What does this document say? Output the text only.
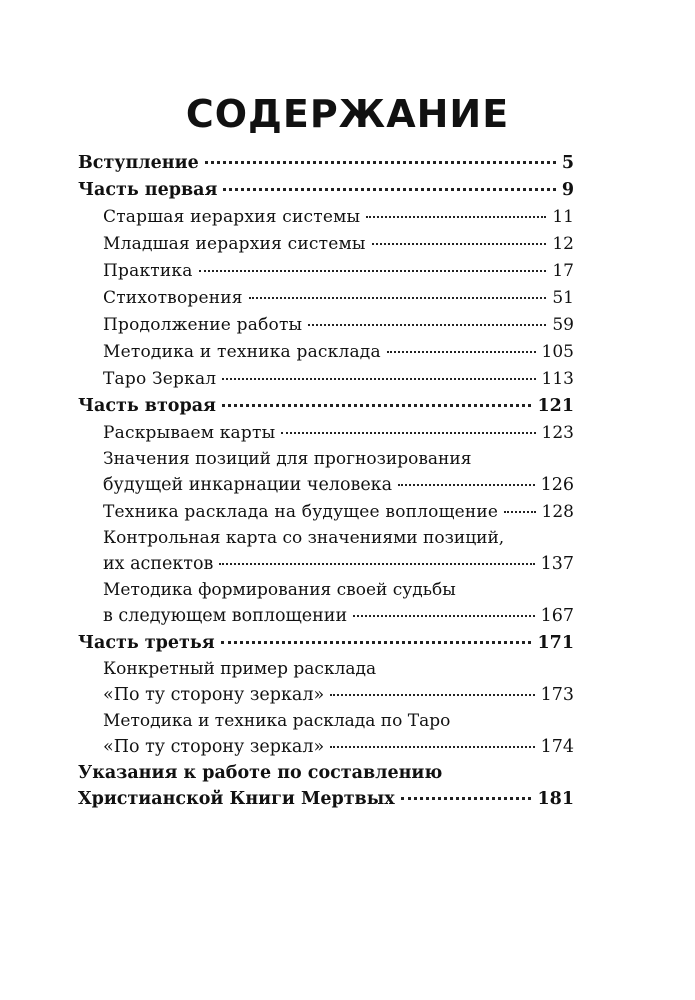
СОДЕРЖАНИЕ
Вступление	5
Часть первая	9
Старшая иерархия системы	11
Младшая иерархия системы	12
Практика	17
Стихотворения	51
Продолжение работы	59
Методика и техника расклада	105
Таро Зеркал	113
Часть вторая	121
Раскрываем карты	123
Значения позиций для прогнозирования
будущей инкарнации человека	126
Техника расклада на будущее воплощение	128
Контрольная карта со значениями позиций,
их аспектов	137
Методика формирования своей судьбы
в следующем воплощении	167
Часть третья	171
Конкретный пример расклада
«По ту сторону зеркал»	173
Методика и техника расклада по Таро
«По ту сторону зеркал»	174
Указания к работе по составлению
Христианской Книги Мертвых	181
